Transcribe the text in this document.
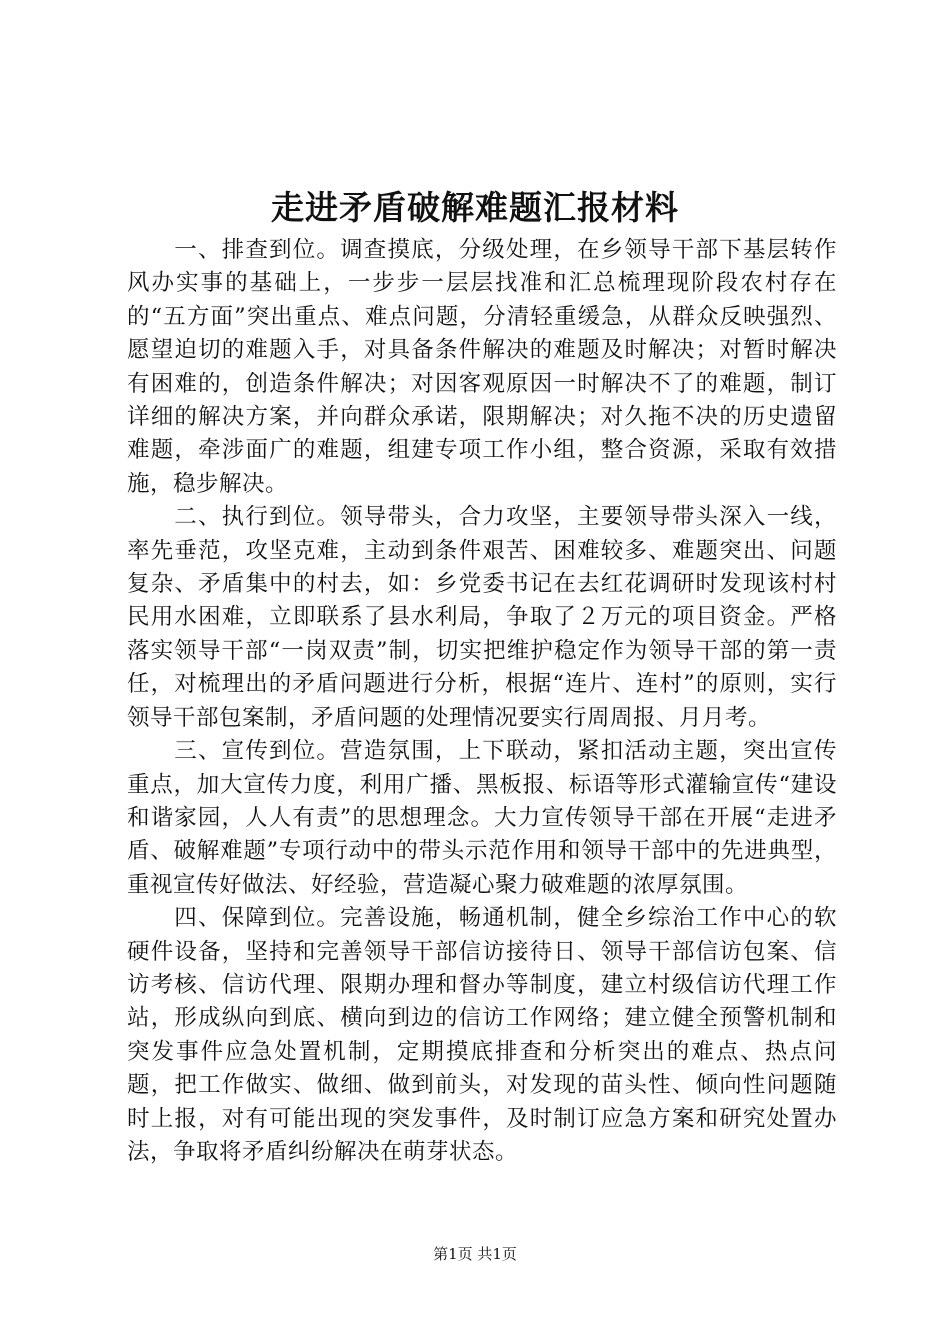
走进矛盾破解难题汇报材料

一、排查到位。调查摸底，分级处理，在乡领导干部下基层转作风办实事的基础上，一步步一层层找准和汇总梳理现阶段农村存在的“五方面”突出重点、难点问题，分清轻重缓急，从群众反映强烈、愿望迫切的难题入手，对具备条件解决的难题及时解决；对暂时解决有困难的，创造条件解决；对因客观原因一时解决不了的难题，制订详细的解决方案，并向群众承诺，限期解决；对久拖不决的历史遗留难题，牵涉面广的难题，组建专项工作小组，整合资源，采取有效措施，稳步解决。

二、执行到位。领导带头，合力攻坚，主要领导带头深入一线，率先垂范，攻坚克难，主动到条件艰苦、困难较多、难题突出、问题复杂、矛盾集中的村去，如：乡党委书记在去红花调研时发现该村村民用水困难，立即联系了县水利局，争取了２万元的项目资金。严格落实领导干部“一岗双责”制，切实把维护稳定作为领导干部的第一责任，对梳理出的矛盾问题进行分析，根据“连片、连村”的原则，实行领导干部包案制，矛盾问题的处理情况要实行周周报、月月考。

三、宣传到位。营造氛围，上下联动，紧扣活动主题，突出宣传重点，加大宣传力度，利用广播、黑板报、标语等形式灌输宣传“建设和谐家园，人人有责”的思想理念。大力宣传领导干部在开展“走进矛盾、破解难题”专项行动中的带头示范作用和领导干部中的先进典型，重视宣传好做法、好经验，营造凝心聚力破难题的浓厚氛围。

四、保障到位。完善设施，畅通机制，健全乡综治工作中心的软硬件设备，坚持和完善领导干部信访接待日、领导干部信访包案、信访考核、信访代理、限期办理和督办等制度，建立村级信访代理工作站，形成纵向到底、横向到边的信访工作网络；建立健全预警机制和突发事件应急处置机制，定期摸底排查和分析突出的难点、热点问题，把工作做实、做细、做到前头，对发现的苗头性、倾向性问题随时上报，对有可能出现的突发事件，及时制订应急方案和研究处置办法，争取将矛盾纠纷解决在萌芽状态。

第1页 共1页
